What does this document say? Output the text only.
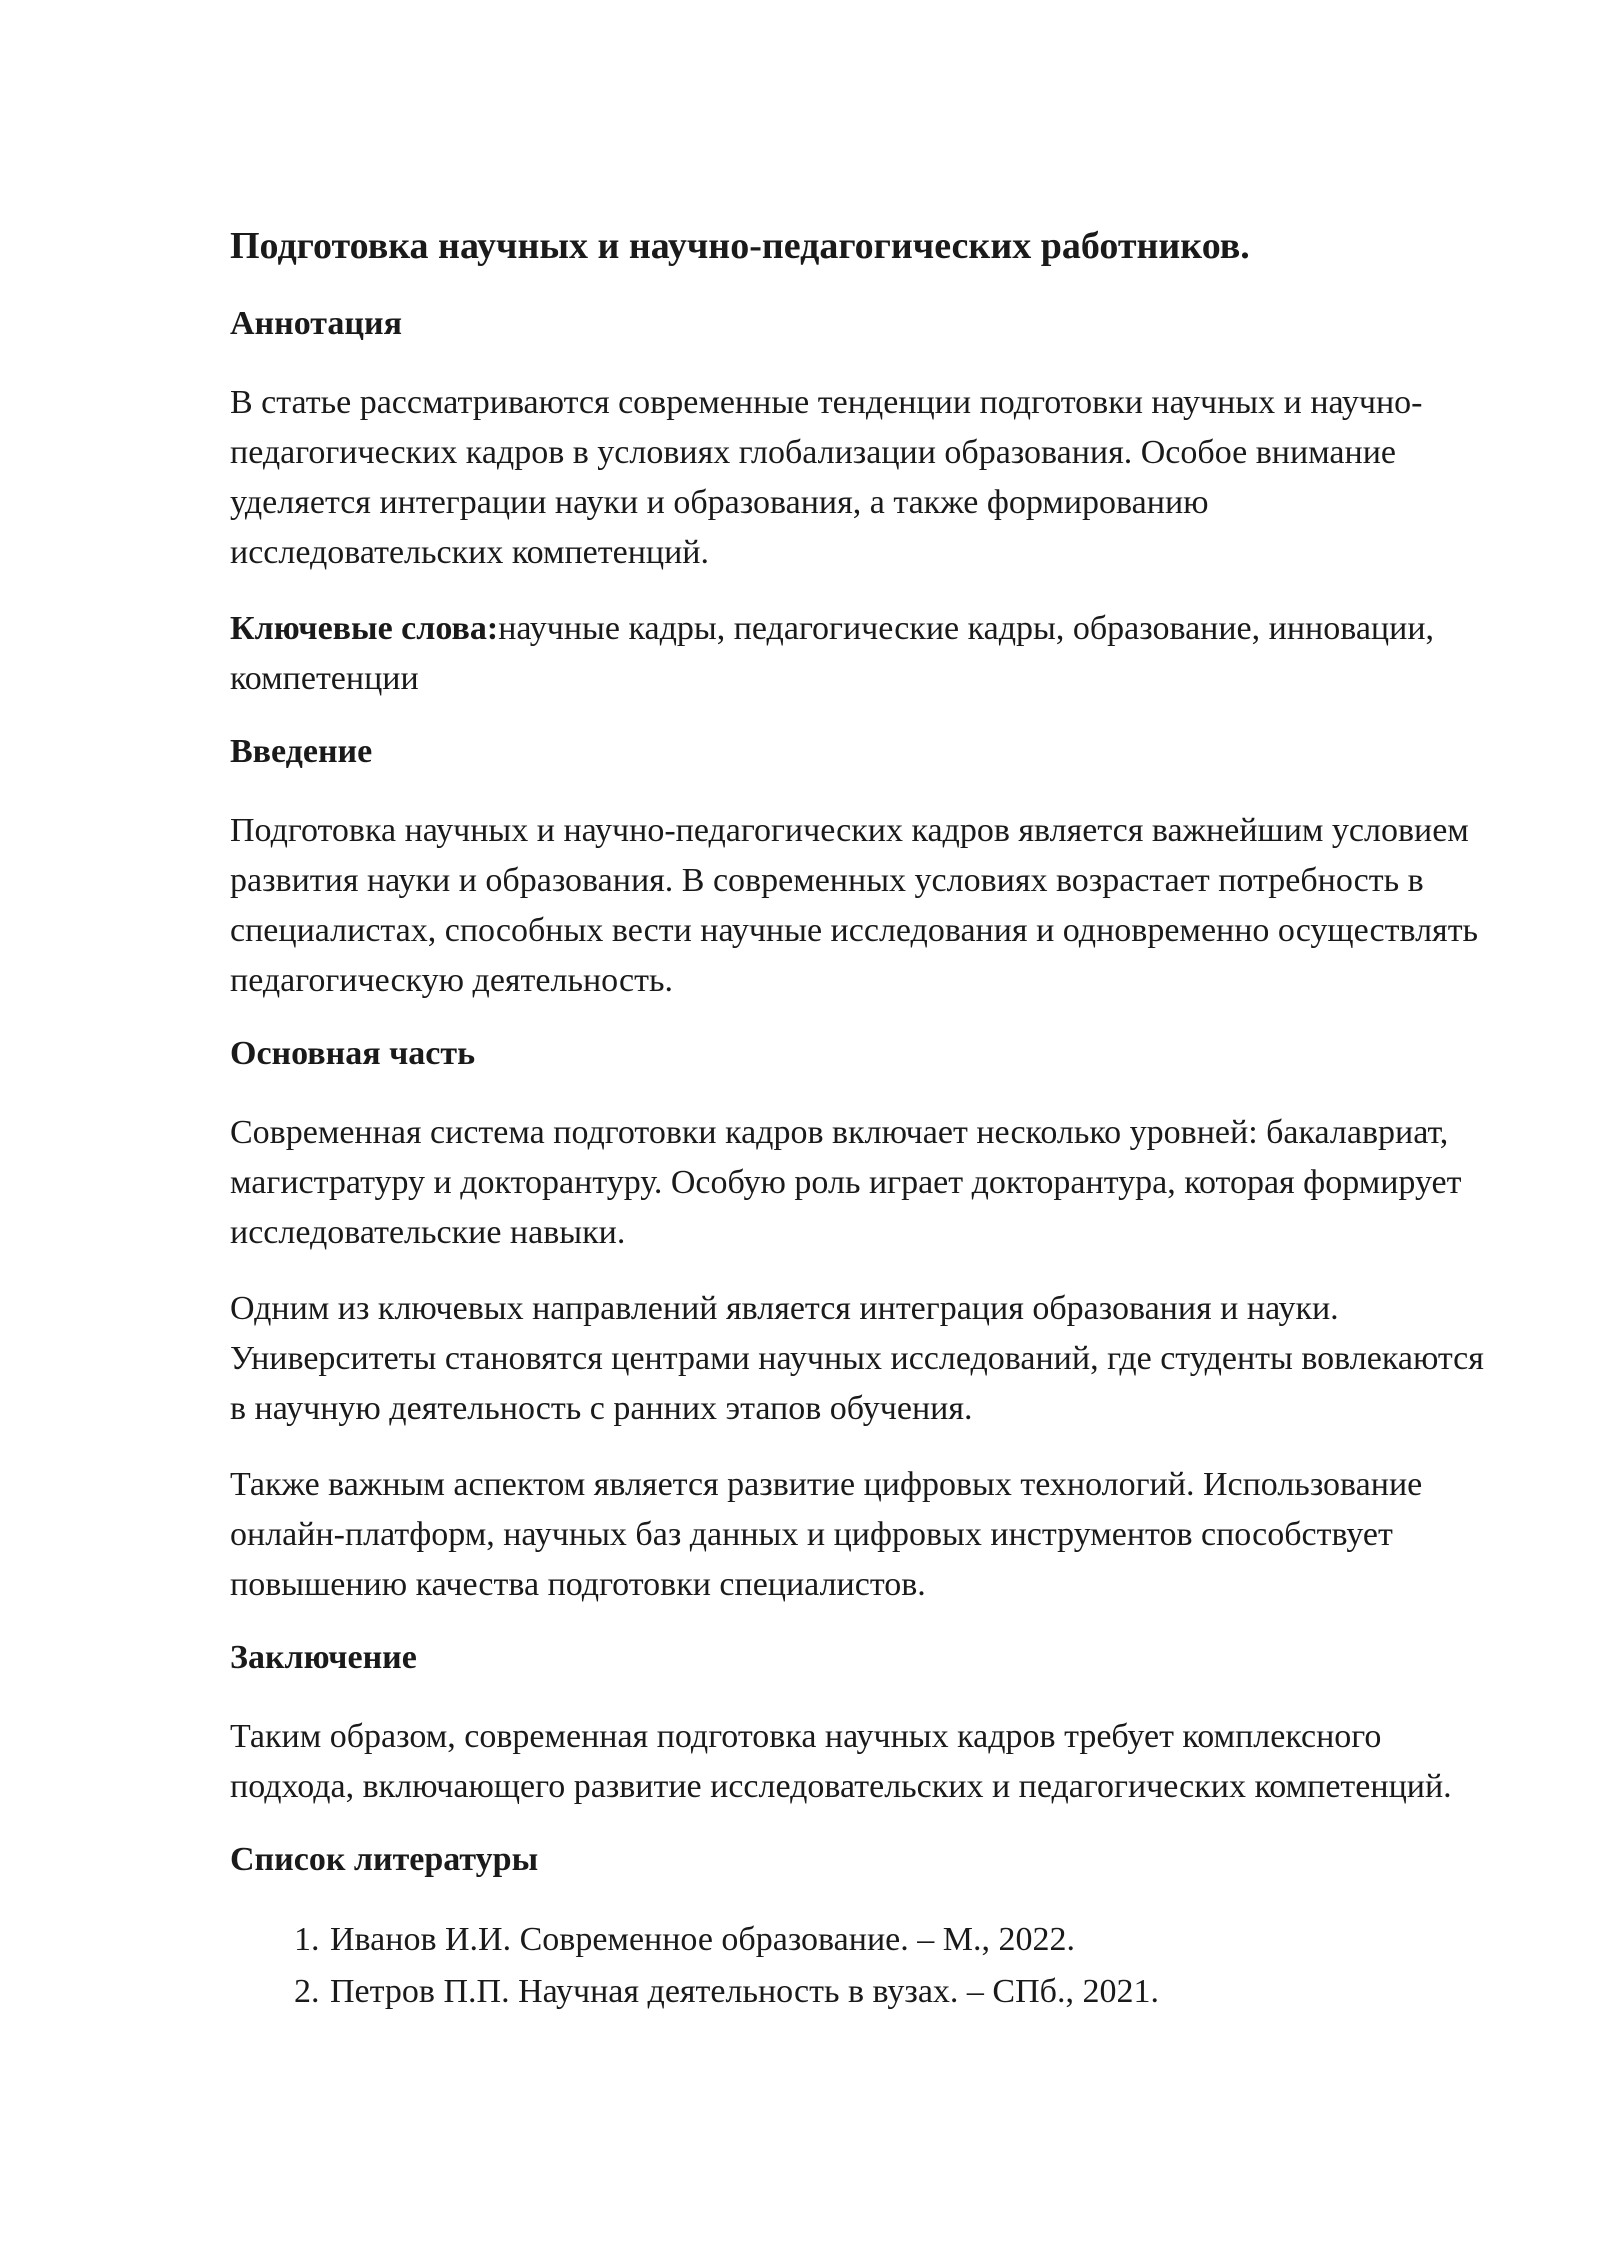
Подготовка научных и научно-педагогических работников.
Аннотация

В статье рассматриваются современные тенденции подготовки научных и научно-педагогических кадров в условиях глобализации образования. Особое внимание уделяется интеграции науки и образования, а также формированию исследовательских компетенций.

Ключевые слова:научные кадры, педагогические кадры, образование, инновации, компетенции

Введение

Подготовка научных и научно-педагогических кадров является важнейшим условием развития науки и образования. В современных условиях возрастает потребность в специалистах, способных вести научные исследования и одновременно осуществлять педагогическую деятельность.

Основная часть

Современная система подготовки кадров включает несколько уровней: бакалавриат, магистратуру и докторантуру. Особую роль играет докторантура, которая формирует исследовательские навыки.

Одним из ключевых направлений является интеграция образования и науки. Университеты становятся центрами научных исследований, где студенты вовлекаются в научную деятельность с ранних этапов обучения.

Также важным аспектом является развитие цифровых технологий. Использование онлайн-платформ, научных баз данных и цифровых инструментов способствует повышению качества подготовки специалистов.

Заключение

Таким образом, современная подготовка научных кадров требует комплексного подхода, включающего развитие исследовательских и педагогических компетенций.

Список литературы
1. Иванов И.И. Современное образование. – М., 2022.
2. Петров П.П. Научная деятельность в вузах. – СПб., 2021.
